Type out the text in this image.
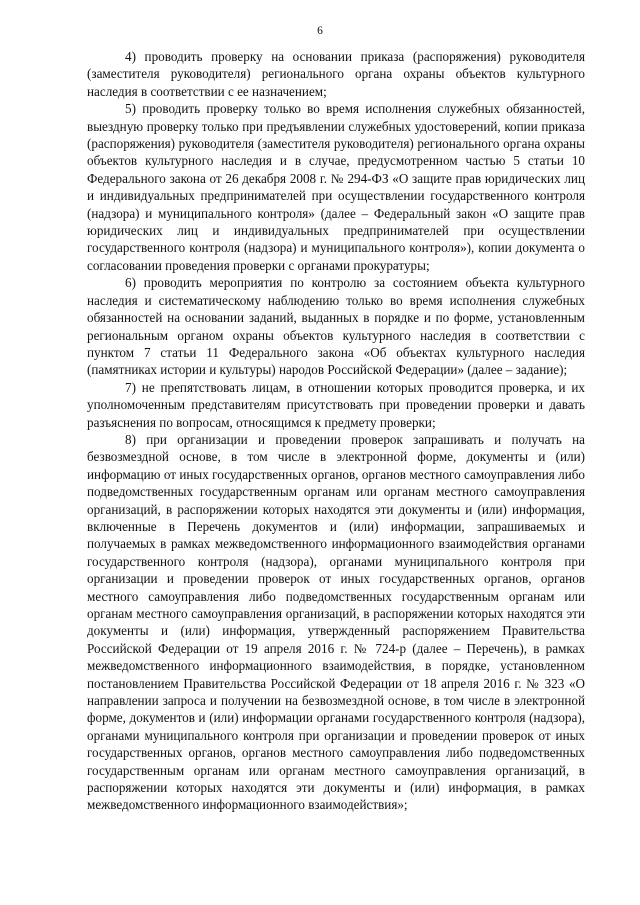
6

4) проводить проверку на основании приказа (распоряжения) руководителя (заместителя руководителя) регионального органа охраны объектов культурного наследия в соответствии с ее назначением;

5) проводить проверку только во время исполнения служебных обязанностей, выездную проверку только при предъявлении служебных удостоверений, копии приказа (распоряжения) руководителя (заместителя руководителя) регионального органа охраны объектов культурного наследия и в случае, предусмотренном частью 5 статьи 10 Федерального закона от 26 декабря 2008 г. № 294-ФЗ «О защите прав юридических лиц и индивидуальных предпринимателей при осуществлении государственного контроля (надзора) и муниципального контроля» (далее – Федеральный закон «О защите прав юридических лиц и индивидуальных предпринимателей при осуществлении государственного контроля (надзора) и муниципального контроля»), копии документа о согласовании проведения проверки с органами прокуратуры;

6) проводить мероприятия по контролю за состоянием объекта культурного наследия и систематическому наблюдению только во время исполнения служебных обязанностей на основании заданий, выданных в порядке и по форме, установленным региональным органом охраны объектов культурного наследия в соответствии с пунктом 7 статьи 11 Федерального закона «Об объектах культурного наследия (памятниках истории и культуры) народов Российской Федерации» (далее – задание);

7) не препятствовать лицам, в отношении которых проводится проверка, и их уполномоченным представителям присутствовать при проведении проверки и давать разъяснения по вопросам, относящимся к предмету проверки;

8) при организации и проведении проверок запрашивать и получать на безвозмездной основе, в том числе в электронной форме, документы и (или) информацию от иных государственных органов, органов местного самоуправления либо подведомственных государственным органам или органам местного самоуправления организаций, в распоряжении которых находятся эти документы и (или) информация, включенные в Перечень документов и (или) информации, запрашиваемых и получаемых в рамках межведомственного информационного взаимодействия органами государственного контроля (надзора), органами муниципального контроля при организации и проведении проверок от иных государственных органов, органов местного самоуправления либо подведомственных государственным органам или органам местного самоуправления организаций, в распоряжении которых находятся эти документы и (или) информация, утвержденный распоряжением Правительства Российской Федерации от 19 апреля 2016 г. № 724-р (далее – Перечень), в рамках межведомственного информационного взаимодействия, в порядке, установленном постановлением Правительства Российской Федерации от 18 апреля 2016 г. № 323 «О направлении запроса и получении на безвозмездной основе, в том числе в электронной форме, документов и (или) информации органами государственного контроля (надзора), органами муниципального контроля при организации и проведении проверок от иных государственных органов, органов местного самоуправления либо подведомственных государственным органам или органам местного самоуправления организаций, в распоряжении которых находятся эти документы и (или) информация, в рамках межведомственного информационного взаимодействия»;
